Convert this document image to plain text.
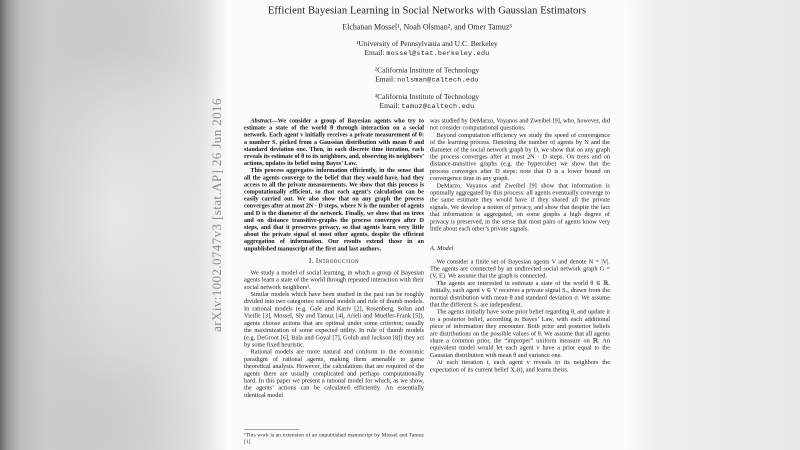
arXiv:1002.0747v3 [stat.AP] 26 Jun 2016
Efficient Bayesian Learning in Social Networks with Gaussian Estimators
Elchanan Mossel¹, Noah Olsman², and Omer Tamuz³
¹University of Pennsylvania and U.C. Berkeley
Email: mossel@stat.berkeley.edu
²California Institute of Technology
Email: nolsman@caltech.edu
³California Institute of Technology
Email: tamuz@caltech.edu

Abstract—We consider a group of Bayesian agents who try to estimate a state of the world θ through interaction on a social network. Each agent v initially receives a private measurement of θ: a number Sᵥ picked from a Gaussian distribution with mean θ and standard deviation one. Then, in each discrete time iteration, each reveals its estimate of θ to its neighbors, and, observing its neighbors’ actions, updates its belief using Bayes’ Law.

This process aggregates information efficiently, in the sense that all the agents converge to the belief that they would have, had they access to all the private measurements. We show that this process is computationally efficient, so that each agent’s calculation can be easily carried out. We also show that on any graph the process converges after at most 2N · D steps, where N is the number of agents and D is the diameter of the network. Finally, we show that on trees and on distance transitive-graphs the process converges after D steps, and that it preserves privacy, so that agents learn very little about the private signal of most other agents, despite the efficient aggregation of information. Our results extend those in an unpublished manuscript of the first and last authors.

I. Introduction

We study a model of social learning, in which a group of Bayesian agents learn a state of the world through repeated interaction with their social network neighbors¹.

Similar models which have been studied in the past can be roughly divided into two categories: rational models and rule of thumb models. In rational models (e.g. Gale and Kariv [2], Rosenberg, Solan and Vieille [3], Mossel, Sly and Tamuz [4], Arieli and Mueller-Frank [5]), agents choose actions that are optimal under some criterion; usually the maximization of some expected utility. In rule of thumb models (e.g. DeGroot [6], Bala and Goyal [7], Golub and Jackson [8]) they act by some fixed heuristic.

Rational models are more natural and conform to the economic paradigm of rational agents, making them amenable to game theoretical analysis. However, the calculations that are required of the agents there are usually complicated and perhaps computationally hard. In this paper we present a rational model for which, as we show, the agents’ actions can be calculated efficiently. An essentially identical model

¹This work is an extension of an unpublished manuscript by Mossel and Tamuz [1]

was studied by DeMarzo, Vayanos and Zweibel [9], who, however, did not consider computational questions.

Beyond computation efficiency we study the speed of convergence of the learning process. Denoting the number of agents by N and the diameter of the social network graph by D, we show that on any graph the process converges after at most 2N · D steps. On trees and on distance-transitive graphs (e.g. the hypercube) we show that the process converges after D steps; note that D is a lower bound on convergence time in any graph.

DeMarzo, Vayanos and Zweibel [9] show that information is optimally aggregated by this process: all agents eventually converge to the same estimate they would have if they shared all the private signals. We develop a notion of privacy, and show that despite the fact that information is aggregated, on some graphs a high degree of privacy is preserved, in the sense that most pairs of agents know very little about each other’s private signals.

A. Model

We consider a finite set of Bayesian agents V and denote N = |V|. The agents are connected by an undirected social network graph G = (V, E). We assume that the graph is connected.

The agents are interested in estimate a state of the world θ ∈ ℝ. Initially, each agent v ∈ V receives a private signal Sᵥ, drawn from the normal distribution with mean θ and standard deviation σ. We assume that the different Sᵥ are independent.

The agents initially have some prior belief regarding θ, and update it to a posterior belief, according to Bayes’ Law, with each additional piece of information they encounter. Both prior and posterior beliefs are distributions on the possible values of θ. We assume that all agents share a common prior, the “improper” uniform measure on ℝ. An equivalent model would let each agent v have a prior equal to the Gaussian distribution with mean θ and variance one.

At each iteration t, each agent v reveals to its neighbors the expectation of its current belief Xᵥ(t), and learns theirs.
